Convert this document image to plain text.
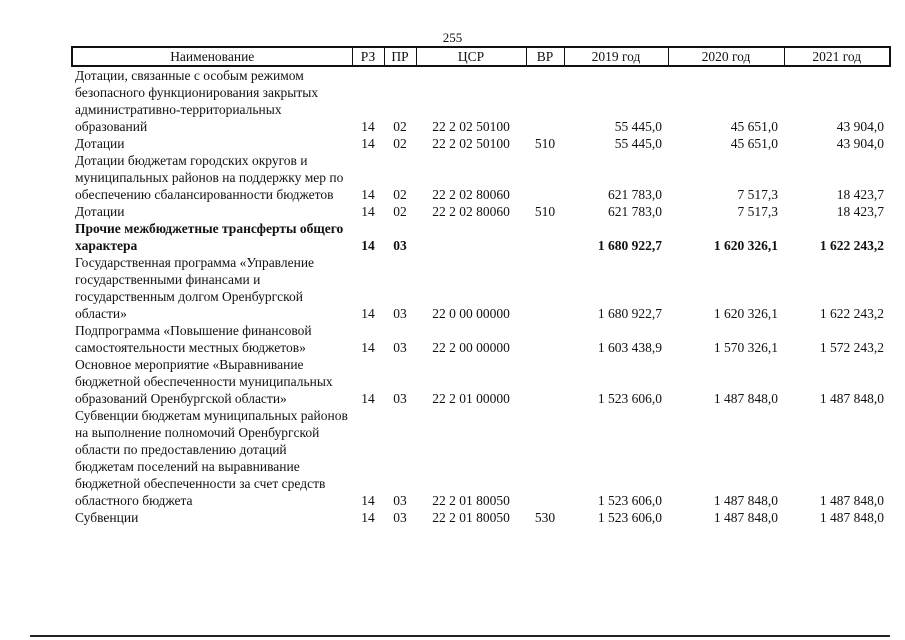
255
Наименование	РЗ	ПР	ЦСР	ВР	2019 год	2020 год	2021 год
Дотации, связанные с особым режимом безопасного функционирования закрытых административно-территориальных образований	14	02	22 2 02 50100		55 445,0	45 651,0	43 904,0
Дотации	14	02	22 2 02 50100	510	55 445,0	45 651,0	43 904,0
Дотации бюджетам городских округов и муниципальных районов на поддержку мер по обеспечению сбалансированности бюджетов	14	02	22 2 02 80060		621 783,0	7 517,3	18 423,7
Дотации	14	02	22 2 02 80060	510	621 783,0	7 517,3	18 423,7
Прочие межбюджетные трансферты общего характера	14	03			1 680 922,7	1 620 326,1	1 622 243,2
Государственная программа «Управление государственными финансами и государственным долгом Оренбургской области»	14	03	22 0 00 00000		1 680 922,7	1 620 326,1	1 622 243,2
Подпрограмма «Повышение финансовой самостоятельности местных бюджетов»	14	03	22 2 00 00000		1 603 438,9	1 570 326,1	1 572 243,2
Основное мероприятие «Выравнивание бюджетной обеспеченности муниципальных образований Оренбургской области»	14	03	22 2 01 00000		1 523 606,0	1 487 848,0	1 487 848,0
Субвенции бюджетам муниципальных районов на выполнение полномочий Оренбургской области по предоставлению дотаций бюджетам поселений на выравнивание бюджетной обеспеченности за счет средств областного бюджета	14	03	22 2 01 80050		1 523 606,0	1 487 848,0	1 487 848,0
Субвенции	14	03	22 2 01 80050	530	1 523 606,0	1 487 848,0	1 487 848,0
